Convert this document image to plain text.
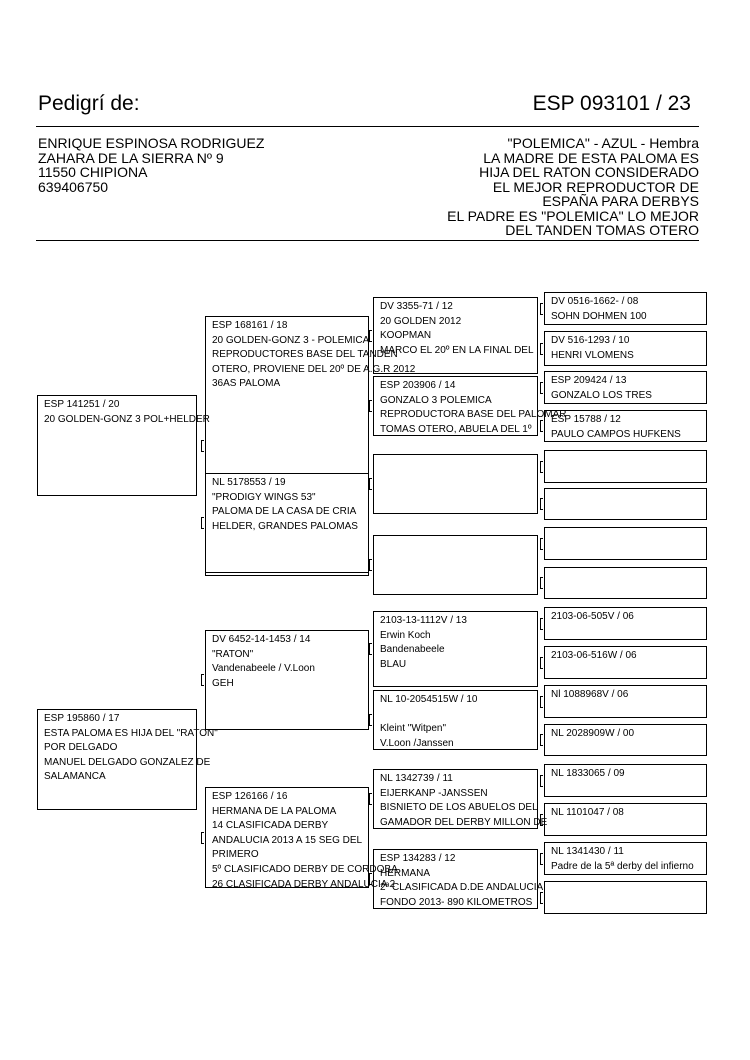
Pedigrí de:	ESP 093101 / 23
ENRIQUE ESPINOSA RODRIGUEZ
ZAHARA DE LA SIERRA Nº 9
11550 CHIPIONA
639406750
"POLEMICA" - AZUL - Hembra
LA MADRE DE ESTA PALOMA ES
HIJA DEL RATON CONSIDERADO
EL MEJOR REPRODUCTOR DE
ESPAÑA PARA DERBYS
EL PADRE ES "POLEMICA" LO MEJOR
DEL TANDEN TOMAS OTERO
ESP 141251 / 20
20 GOLDEN-GONZ 3 POL+HELDER
ESP 195860 / 17
ESTA PALOMA ES HIJA DEL "RATON"
POR DELGADO
MANUEL DELGADO GONZALEZ DE
SALAMANCA
ESP 168161 / 18
20 GOLDEN-GONZ 3 - POLEMICA
REPRODUCTORES BASE DEL TANDEN
OTERO, PROVIENE DEL 20º DE A.G.R 2012
36AS PALOMA
NL 5178553 / 19
"PRODIGY WINGS 53"
PALOMA DE LA CASA DE CRIA
HELDER, GRANDES PALOMAS
DV 6452-14-1453 / 14
"RATON"
Vandenabeele / V.Loon
GEH
ESP 126166 / 16
HERMANA DE LA PALOMA
14 CLASIFICADA DERBY
ANDALUCIA 2013 A 15 SEG DEL
PRIMERO
5º CLASIFICADO DERBY DE CORDOBA
26 CLASIFICADA DERBY ANDALUCIA 2
DV 3355-71 / 12
20 GOLDEN 2012
KOOPMAN
MARCO EL 20º EN LA FINAL DEL
ESP 203906 / 14
GONZALO 3 POLEMICA
REPRODUCTORA BASE DEL PALOMAR
TOMAS OTERO, ABUELA DEL 1º
2103-13-1112V / 13
Erwin Koch
Bandenabeele
BLAU
NL 10-2054515W / 10
Kleint "Witpen"
V.Loon /Janssen
NL 1342739 / 11
EIJERKANP -JANSSEN
BISNIETO DE LOS ABUELOS DEL
GAMADOR DEL DERBY MILLON DE
ESP 134283 / 12
HERMANA
2ª CLASIFICADA D.DE ANDALUCIA
FONDO 2013- 890 KILOMETROS
DV 0516-1662- / 08
SOHN DOHMEN 100
DV 516-1293 / 10
HENRI VLOMENS
ESP 209424 / 13
GONZALO LOS TRES
ESP 15788 / 12
PAULO CAMPOS HUFKENS
2103-06-505V / 06
2103-06-516W / 06
Nl 1088968V / 06
NL 2028909W / 00
NL 1833065 / 09
NL 1101047 / 08
NL 1341430 / 11
Padre de la 5ª derby del infierno
